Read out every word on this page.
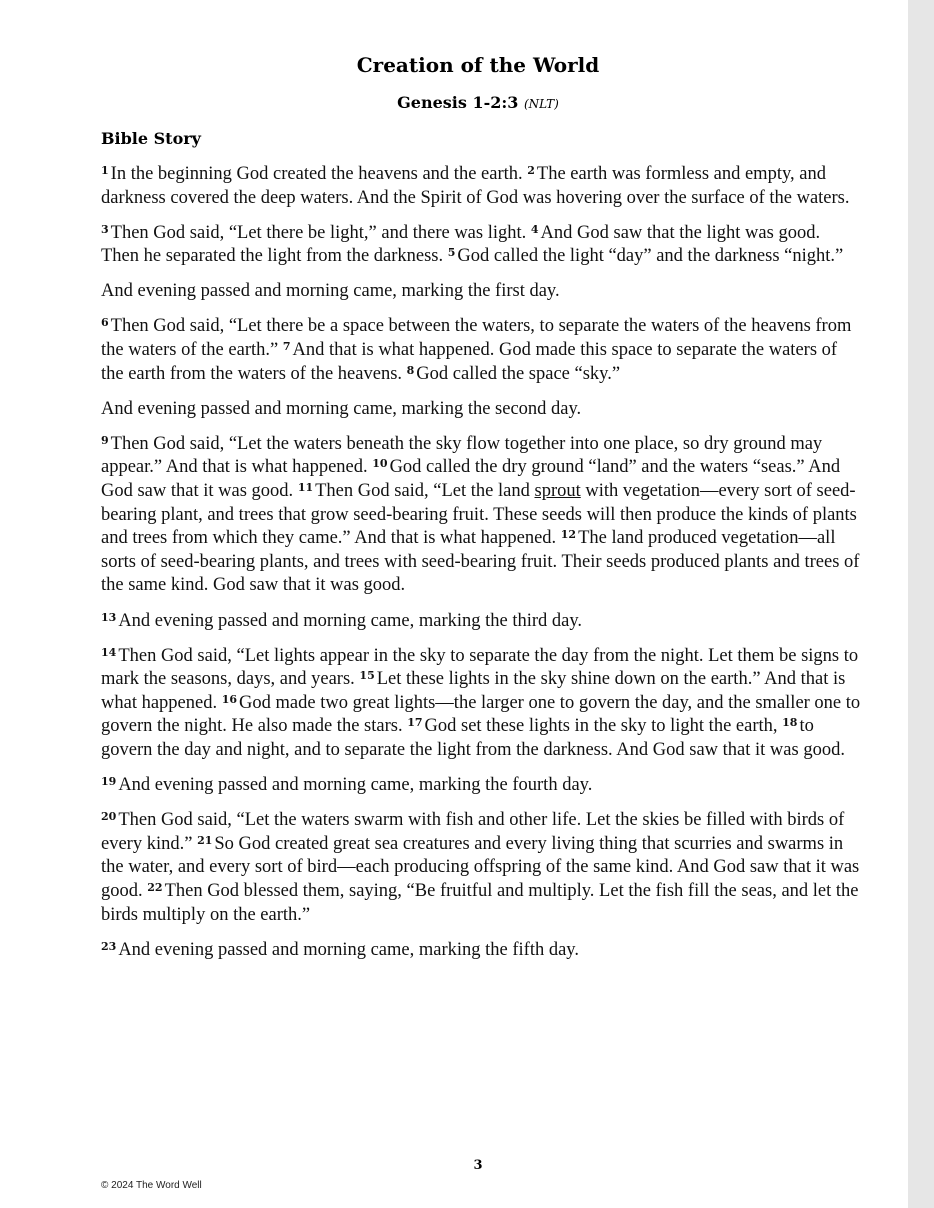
Creation of the World
Genesis 1-2:3 (NLT)
Bible Story

$^1$ In the beginning God created the heavens and the earth. $^2$ The earth was formless and empty, and darkness covered the deep waters. And the Spirit of God was hovering over the surface of the waters.

$^3$ Then God said, “Let there be light,” and there was light. $^4$ And God saw that the light was good. Then he separated the light from the darkness. $^5$ God called the light “day” and the darkness “night.”

And evening passed and morning came, marking the first day.

$^6$ Then God said, “Let there be a space between the waters, to separate the waters of the heavens from the waters of the earth.” $^7$ And that is what happened. God made this space to separate the waters of the earth from the waters of the heavens. $^8$ God called the space “sky.”

And evening passed and morning came, marking the second day.

$^9$ Then God said, “Let the waters beneath the sky flow together into one place, so dry ground may appear.” And that is what happened. $^{10}$ God called the dry ground “land” and the waters “seas.” And God saw that it was good. $^{11}$ Then God said, “Let the land sprout with vegetation—every sort of seed-bearing plant, and trees that grow seed-bearing fruit. These seeds will then produce the kinds of plants and trees from which they came.” And that is what happened. $^{12}$ The land produced vegetation—all sorts of seed-bearing plants, and trees with seed-bearing fruit. Their seeds produced plants and trees of the same kind. God saw that it was good.

$^{13}$ And evening passed and morning came, marking the third day.

$^{14}$ Then God said, “Let lights appear in the sky to separate the day from the night. Let them be signs to mark the seasons, days, and years. $^{15}$ Let these lights in the sky shine down on the earth.” And that is what happened. $^{16}$ God made two great lights—the larger one to govern the day, and the smaller one to govern the night. He also made the stars. $^{17}$ God set these lights in the sky to light the earth, $^{18}$ to govern the day and night, and to separate the light from the darkness. And God saw that it was good.

$^{19}$ And evening passed and morning came, marking the fourth day.

$^{20}$ Then God said, “Let the waters swarm with fish and other life. Let the skies be filled with birds of every kind.” $^{21}$ So God created great sea creatures and every living thing that scurries and swarms in the water, and every sort of bird—each producing offspring of the same kind. And God saw that it was good. $^{22}$ Then God blessed them, saying, “Be fruitful and multiply. Let the fish fill the seas, and let the birds multiply on the earth.”

$^{23}$ And evening passed and morning came, marking the fifth day.

3
© 2024 The Word Well
